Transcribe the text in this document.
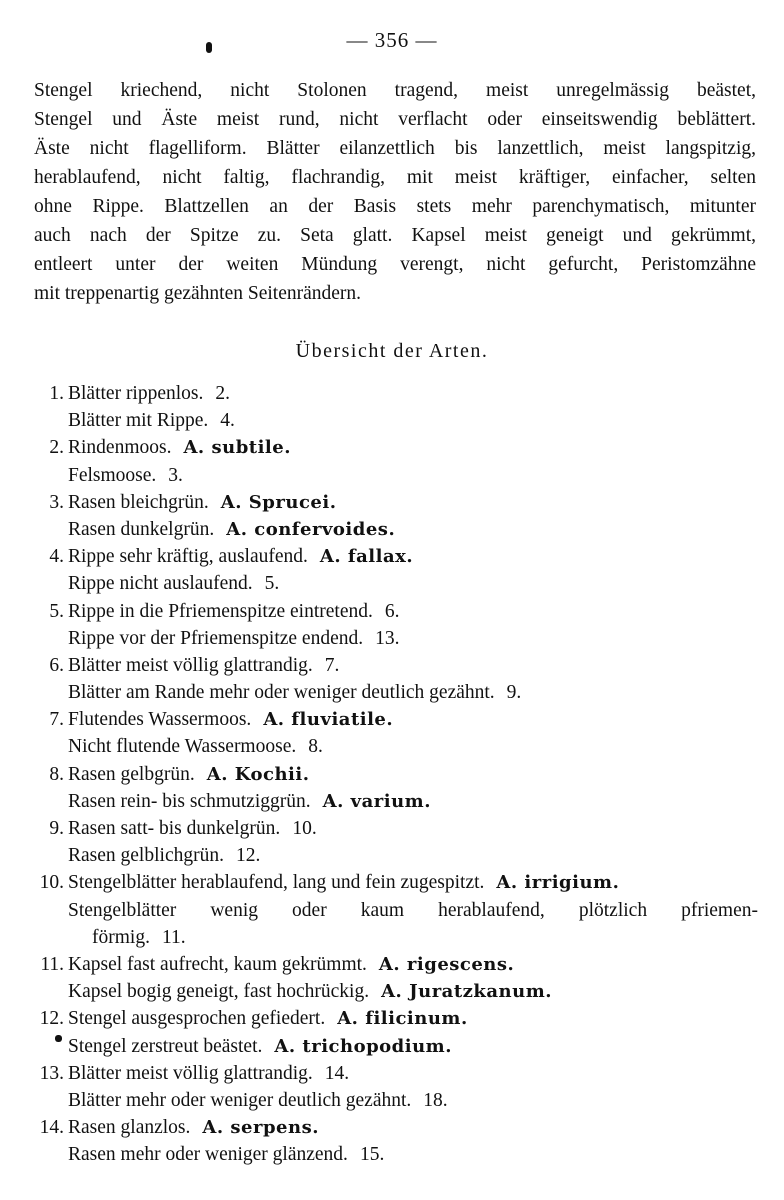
— 356 —
Stengel kriechend, nicht Stolonen tragend, meist unregelmässig beästet,
Stengel und Äste meist rund, nicht verflacht oder einseitswendig beblättert.
Äste nicht flagelliform. Blätter eilanzettlich bis lanzettlich, meist langspitzig,
herablaufend, nicht faltig, flachrandig, mit meist kräftiger, einfacher, selten
ohne Rippe. Blattzellen an der Basis stets mehr parenchymatisch, mitunter
auch nach der Spitze zu. Seta glatt. Kapsel meist geneigt und gekrümmt,
entleert unter der weiten Mündung verengt, nicht gefurcht, Peristomzähne
mit treppenartig gezähnten Seitenrändern.
Übersicht der Arten.
1. Blätter rippenlos. 2.
Blätter mit Rippe. 4.
2. Rindenmoos. A. subtile.
Felsmoose. 3.
3. Rasen bleichgrün. A. Sprucei.
Rasen dunkelgrün. A. confervoides.
4. Rippe sehr kräftig, auslaufend. A. fallax.
Rippe nicht auslaufend. 5.
5. Rippe in die Pfriemenspitze eintretend. 6.
Rippe vor der Pfriemenspitze endend. 13.
6. Blätter meist völlig glattrandig. 7.
Blätter am Rande mehr oder weniger deutlich gezähnt. 9.
7. Flutendes Wassermoos. A. fluviatile.
Nicht flutende Wassermoose. 8.
8. Rasen gelbgrün. A. Kochii.
Rasen rein- bis schmutziggrün. A. varium.
9. Rasen satt- bis dunkelgrün. 10.
Rasen gelblichgrün. 12.
10. Stengelblätter herablaufend, lang und fein zugespitzt. A. irrigium.
Stengelblätter wenig oder kaum herablaufend, plötzlich pfriemen-
förmig. 11.
11. Kapsel fast aufrecht, kaum gekrümmt. A. rigescens.
Kapsel bogig geneigt, fast hochrückig. A. Juratzkanum.
12. Stengel ausgesprochen gefiedert. A. filicinum.
Stengel zerstreut beästet. A. trichopodium.
13. Blätter meist völlig glattrandig. 14.
Blätter mehr oder weniger deutlich gezähnt. 18.
14. Rasen glanzlos. A. serpens.
Rasen mehr oder weniger glänzend. 15.
